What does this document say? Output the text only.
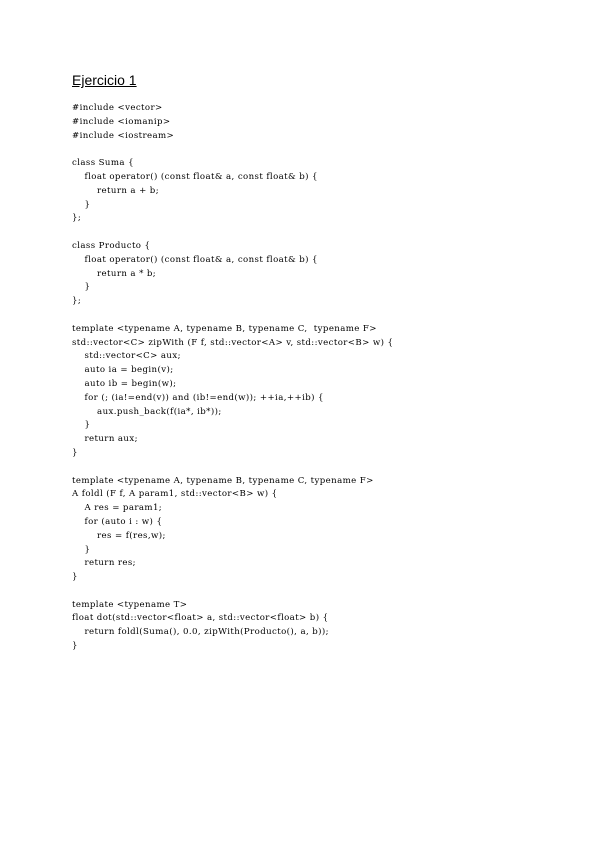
Ejercicio 1
#include <vector>
#include <iomanip>
#include <iostream>
class Suma {
float operator() (const float& a, const float& b) {
return a + b;
}
};
class Producto {
float operator() (const float& a, const float& b) {
return a * b;
}
};
template <typename A, typename B, typename C,  typename F>
std::vector<C> zipWith (F f, std::vector<A> v, std::vector<B> w) {
std::vector<C> aux;
auto ia = begin(v);
auto ib = begin(w);
for (; (ia!=end(v)) and (ib!=end(w)); ++ia,++ib) {
aux.push_back(f(ia*, ib*));
}
return aux;
}
template <typename A, typename B, typename C, typename F>
A foldl (F f, A param1, std::vector<B> w) {
A res = param1;
for (auto i : w) {
res = f(res,w);
}
return res;
}
template <typename T>
float dot(std::vector<float> a, std::vector<float> b) {
return foldl(Suma(), 0.0, zipWith(Producto(), a, b));
}
